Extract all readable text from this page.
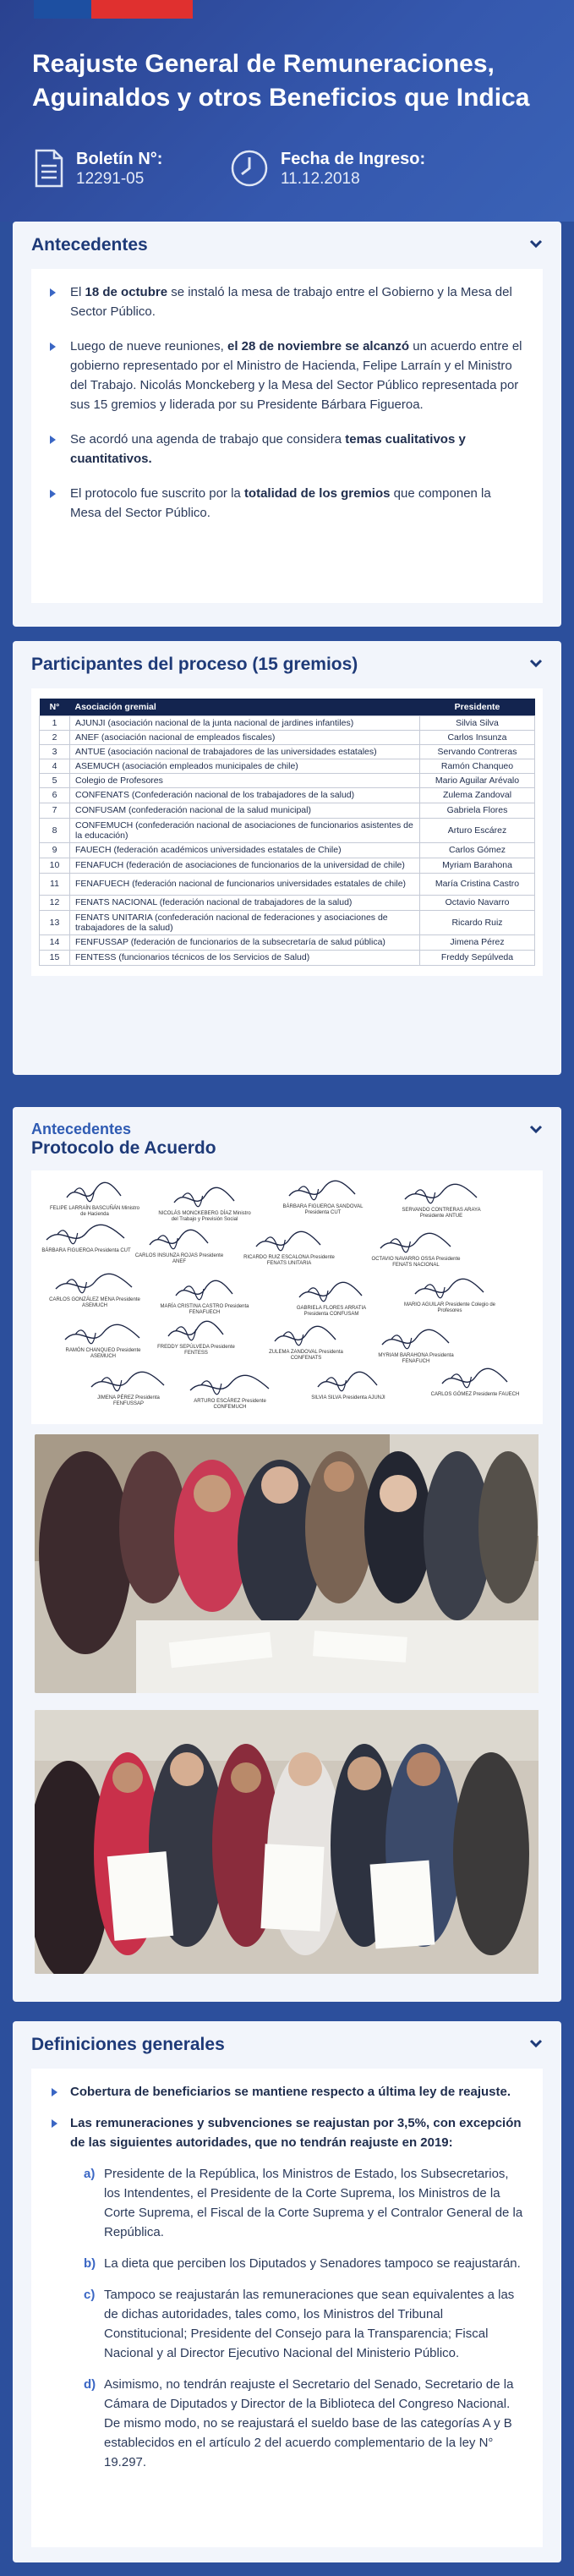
Reajuste General de Remuneraciones, Aguinaldos y otros Beneficios que Indica
Boletín N°:
12291-05
Fecha de Ingreso:
11.12.2018
Antecedentes
El 18 de octubre se instaló la mesa de trabajo entre el Gobierno y la Mesa del Sector Público.
Luego de nueve reuniones, el 28 de noviembre se alcanzó un acuerdo entre el gobierno representado por el Ministro de Hacienda, Felipe Larraín y el Ministro del Trabajo. Nicolás Monckeberg y la Mesa del Sector Público representada por sus 15 gremios y liderada por su Presidente Bárbara Figueroa.
Se acordó una agenda de trabajo que considera temas cualitativos y cuantitativos.
El protocolo fue suscrito por la totalidad de los gremios que componen la Mesa del Sector Público.
Participantes del proceso (15 gremios)
N°	Asociación gremial	Presidente
1	AJUNJI (asociación nacional de la junta nacional de jardines infantiles)	Silvia Silva
2	ANEF (asociación nacional de empleados fiscales)	Carlos Insunza
3	ANTUE (asociación nacional de trabajadores de las universidades estatales)	Servando Contreras
4	ASEMUCH (asociación empleados municipales de chile)	Ramón Chanqueo
5	Colegio de Profesores	Mario Aguilar Arévalo
6	CONFENATS (Confederación nacional de los trabajadores de la salud)	Zulema Zandoval
7	CONFUSAM (confederación nacional de la salud municipal)	Gabriela Flores
8	CONFEMUCH (confederación nacional de asociaciones de funcionarios asistentes de la educación)	Arturo Escárez
9	FAUECH (federación académicos universidades estatales de Chile)	Carlos Gómez
10	FENAFUCH (federación de asociaciones de funcionarios de la universidad de chile)	Myriam Barahona
11	FENAFUECH (federación nacional de funcionarios universidades estatales de chile)	María Cristina Castro
12	FENATS NACIONAL (federación nacional de trabajadores de la salud)	Octavio Navarro
13	FENATS UNITARIA (confederación nacional de federaciones y asociaciones de trabajadores de la salud)	Ricardo Ruiz
14	FENFUSSAP (federación de funcionarios de la subsecretaría de salud pública)	Jimena Pérez
15	FENTESS (funcionarios técnicos de los Servicios de Salud)	Freddy Sepúlveda
Antecedentes
Protocolo de Acuerdo
FELIPE LARRAÍN BASCUÑÁN Ministro de Hacienda	NICOLÁS MONCKEBERG DÍAZ Ministro del Trabajo y Previsión Social
BÁRBARA FIGUEROA SANDOVAL Presidenta CUT	SERVANDO CONTRERAS ARAYA Presidente ANTUE
BÁRBARA FIGUEROA Presidenta CUT
CARLOS INSUNZA ROJAS Presidente ANEF
RICARDO RUIZ ESCALONA Presidente FENATS UNITARIA
OCTAVIO NAVARRO OSSA Presidente FENATS NACIONAL
CARLOS GONZÁLEZ MENA Presidente ASEMUCH	MARÍA CRISTINA CASTRO Presidenta FENAFUECH
GABRIELA FLORES ARRATIA Presidenta CONFUSAM
MARIO AGUILAR Presidente Colegio de Profesores
RAMÓN CHANQUEO Presidente ASEMUCH
FREDDY SEPÚLVEDA Presidente FENTESS	ZULEMA ZANDOVAL Presidenta CONFENATS	MYRIAM BARAHONA Presidenta FENAFUCH
JIMENA PÉREZ Presidenta FENFUSSAP	ARTURO ESCÁREZ Presidente CONFEMUCH
SILVIA SILVA Presidenta AJUNJI
CARLOS GÓMEZ Presidente FAUECH
Definiciones generales
Cobertura de beneficiarios se mantiene respecto a última ley de reajuste.
Las remuneraciones y subvenciones se reajustan por 3,5%, con excepción de las siguientes autoridades, que no tendrán reajuste en 2019:
a) Presidente de la República, los Ministros de Estado, los Subsecretarios, los Intendentes, el Presidente de la Corte Suprema, los Ministros de la Corte Suprema, el Fiscal de la Corte Suprema y el Contralor General de la República.
b) La dieta que perciben los Diputados y Senadores tampoco se reajustarán.
c) Tampoco se reajustarán las remuneraciones que sean equivalentes a las de dichas autoridades, tales como, los Ministros del Tribunal Constitucional; Presidente del Consejo para la Transparencia; Fiscal Nacional y al Director Ejecutivo Nacional del Ministerio Público.
d) Asimismo, no tendrán reajuste el Secretario del Senado, Secretario de la Cámara de Diputados y Director de la Biblioteca del Congreso Nacional. De mismo modo, no se reajustará el sueldo base de las categorías A y B establecidos en el artículo 2 del acuerdo complementario de la ley N° 19.297.
